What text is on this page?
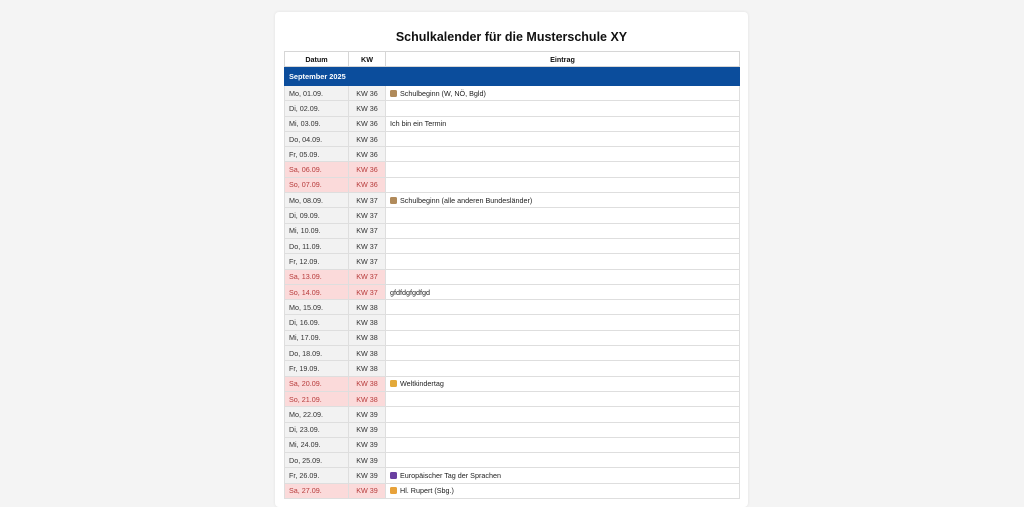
Schulkalender für die Musterschule XY
Datum	KW	Eintrag
September 2025		
Mo, 01.09.	KW 36	Schulbeginn (W, NÖ, Bgld)
Di, 02.09.	KW 36	
Mi, 03.09.	KW 36	Ich bin ein Termin
Do, 04.09.	KW 36	
Fr, 05.09.	KW 36	
Sa, 06.09.	KW 36	
So, 07.09.	KW 36	
Mo, 08.09.	KW 37	Schulbeginn (alle anderen Bundesländer)
Di, 09.09.	KW 37	
Mi, 10.09.	KW 37	
Do, 11.09.	KW 37	
Fr, 12.09.	KW 37	
Sa, 13.09.	KW 37	
So, 14.09.	KW 37	gfdfdgfgdfgd
Mo, 15.09.	KW 38	
Di, 16.09.	KW 38	
Mi, 17.09.	KW 38	
Do, 18.09.	KW 38	
Fr, 19.09.	KW 38	
Sa, 20.09.	KW 38	Weltkindertag
So, 21.09.	KW 38	
Mo, 22.09.	KW 39	
Di, 23.09.	KW 39	
Mi, 24.09.	KW 39	
Do, 25.09.	KW 39	
Fr, 26.09.	KW 39	Europäischer Tag der Sprachen
Sa, 27.09.	KW 39	Hl. Rupert (Sbg.)
